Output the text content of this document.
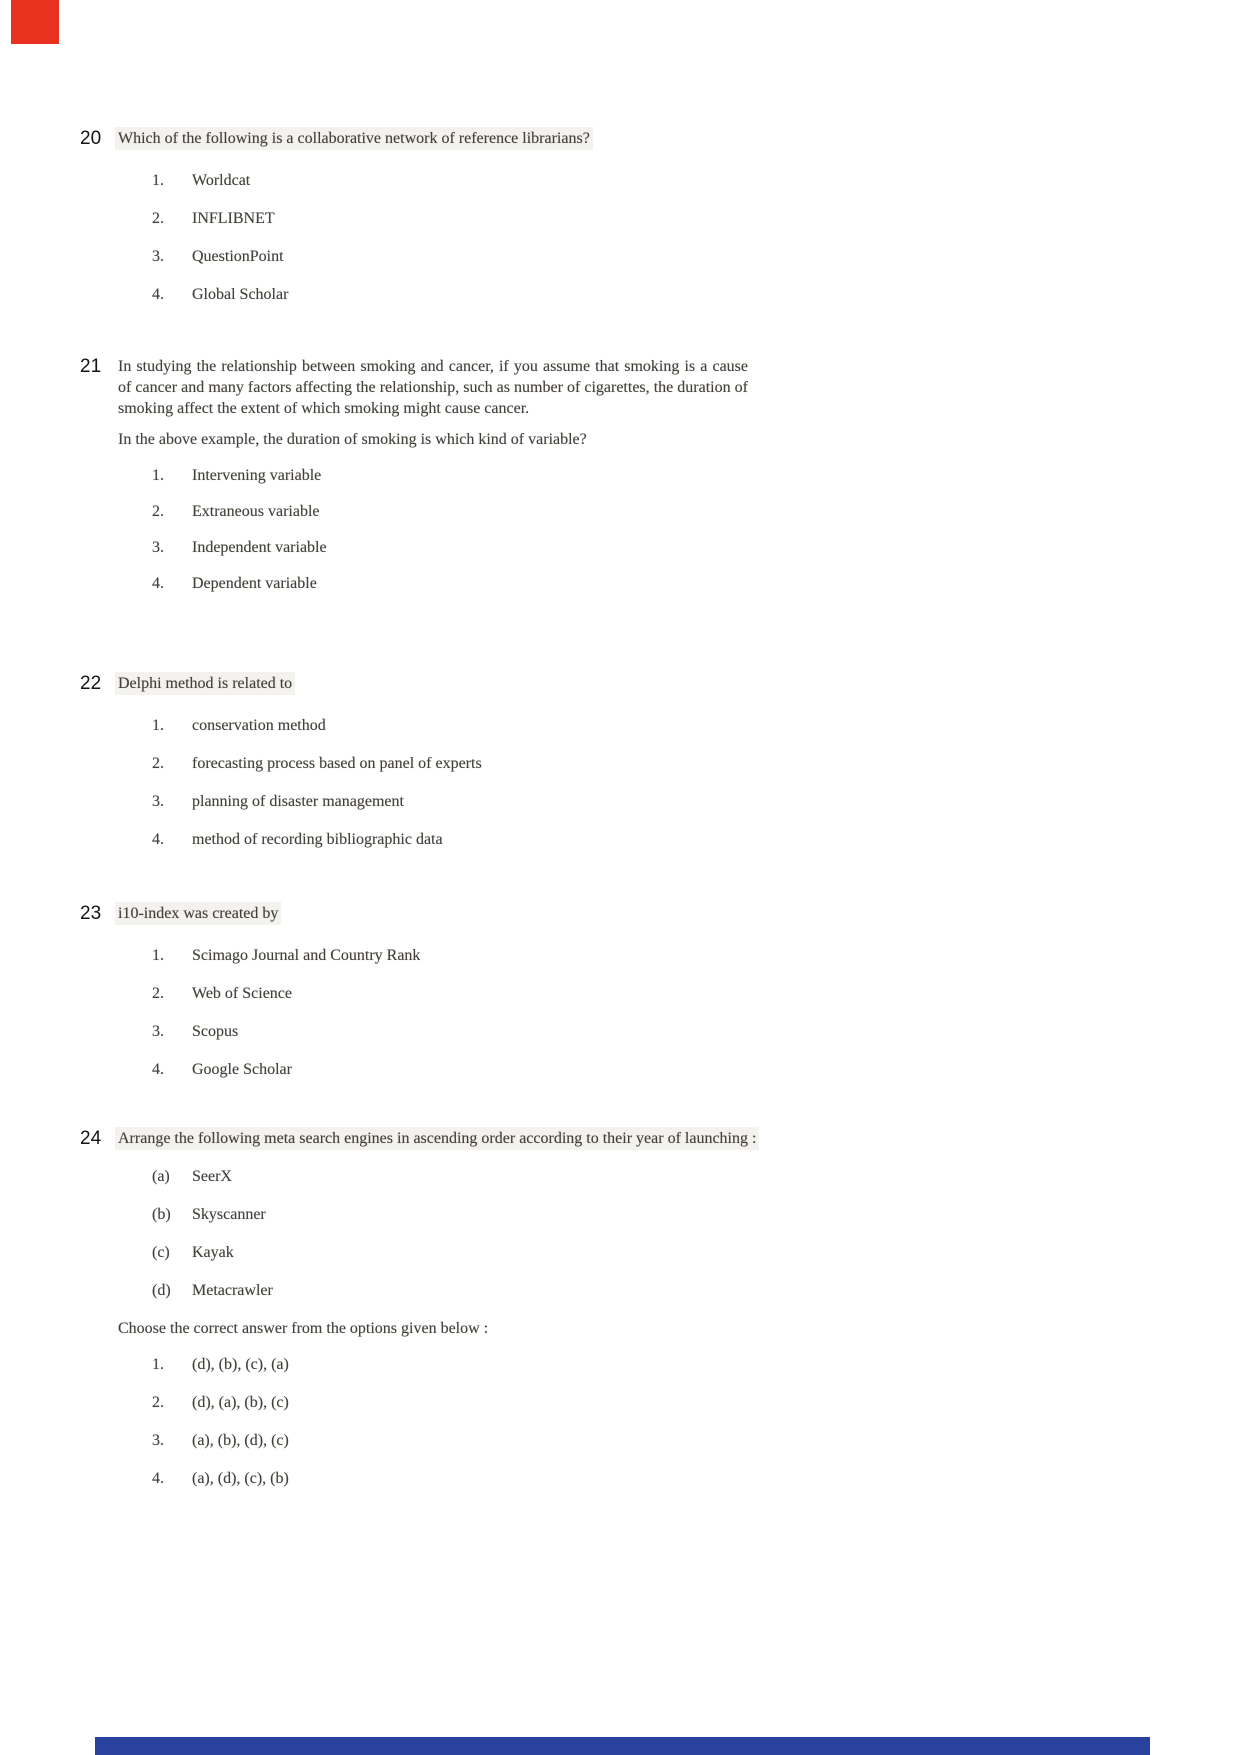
20 Which of the following is a collaborative network of reference librarians?
1.	Worldcat
2.	INFLIBNET
3.	QuestionPoint
4.	Global Scholar
21 In studying the relationship between smoking and cancer, if you assume that smoking is a cause of cancer and many factors affecting the relationship, such as number of cigarettes, the duration of smoking affect the extent of which smoking might cause cancer.
In the above example, the duration of smoking is which kind of variable?
1.	Intervening variable
2.	Extraneous variable
3.	Independent variable
4.	Dependent variable
22 Delphi method is related to
1.	conservation method
2.	forecasting process based on panel of experts
3.	planning of disaster management
4.	method of recording bibliographic data
23 i10-index was created by
1.	Scimago Journal and Country Rank
2.	Web of Science
3.	Scopus
4.	Google Scholar
24 Arrange the following meta search engines in ascending order according to their year of launching :
(a)	SeerX
(b)	Skyscanner
(c)	Kayak
(d)	Metacrawler
Choose the correct answer from the options given below :
1.	(d), (b), (c), (a)
2.	(d), (a), (b), (c)
3.	(a), (b), (d), (c)
4.	(a), (d), (c), (b)
